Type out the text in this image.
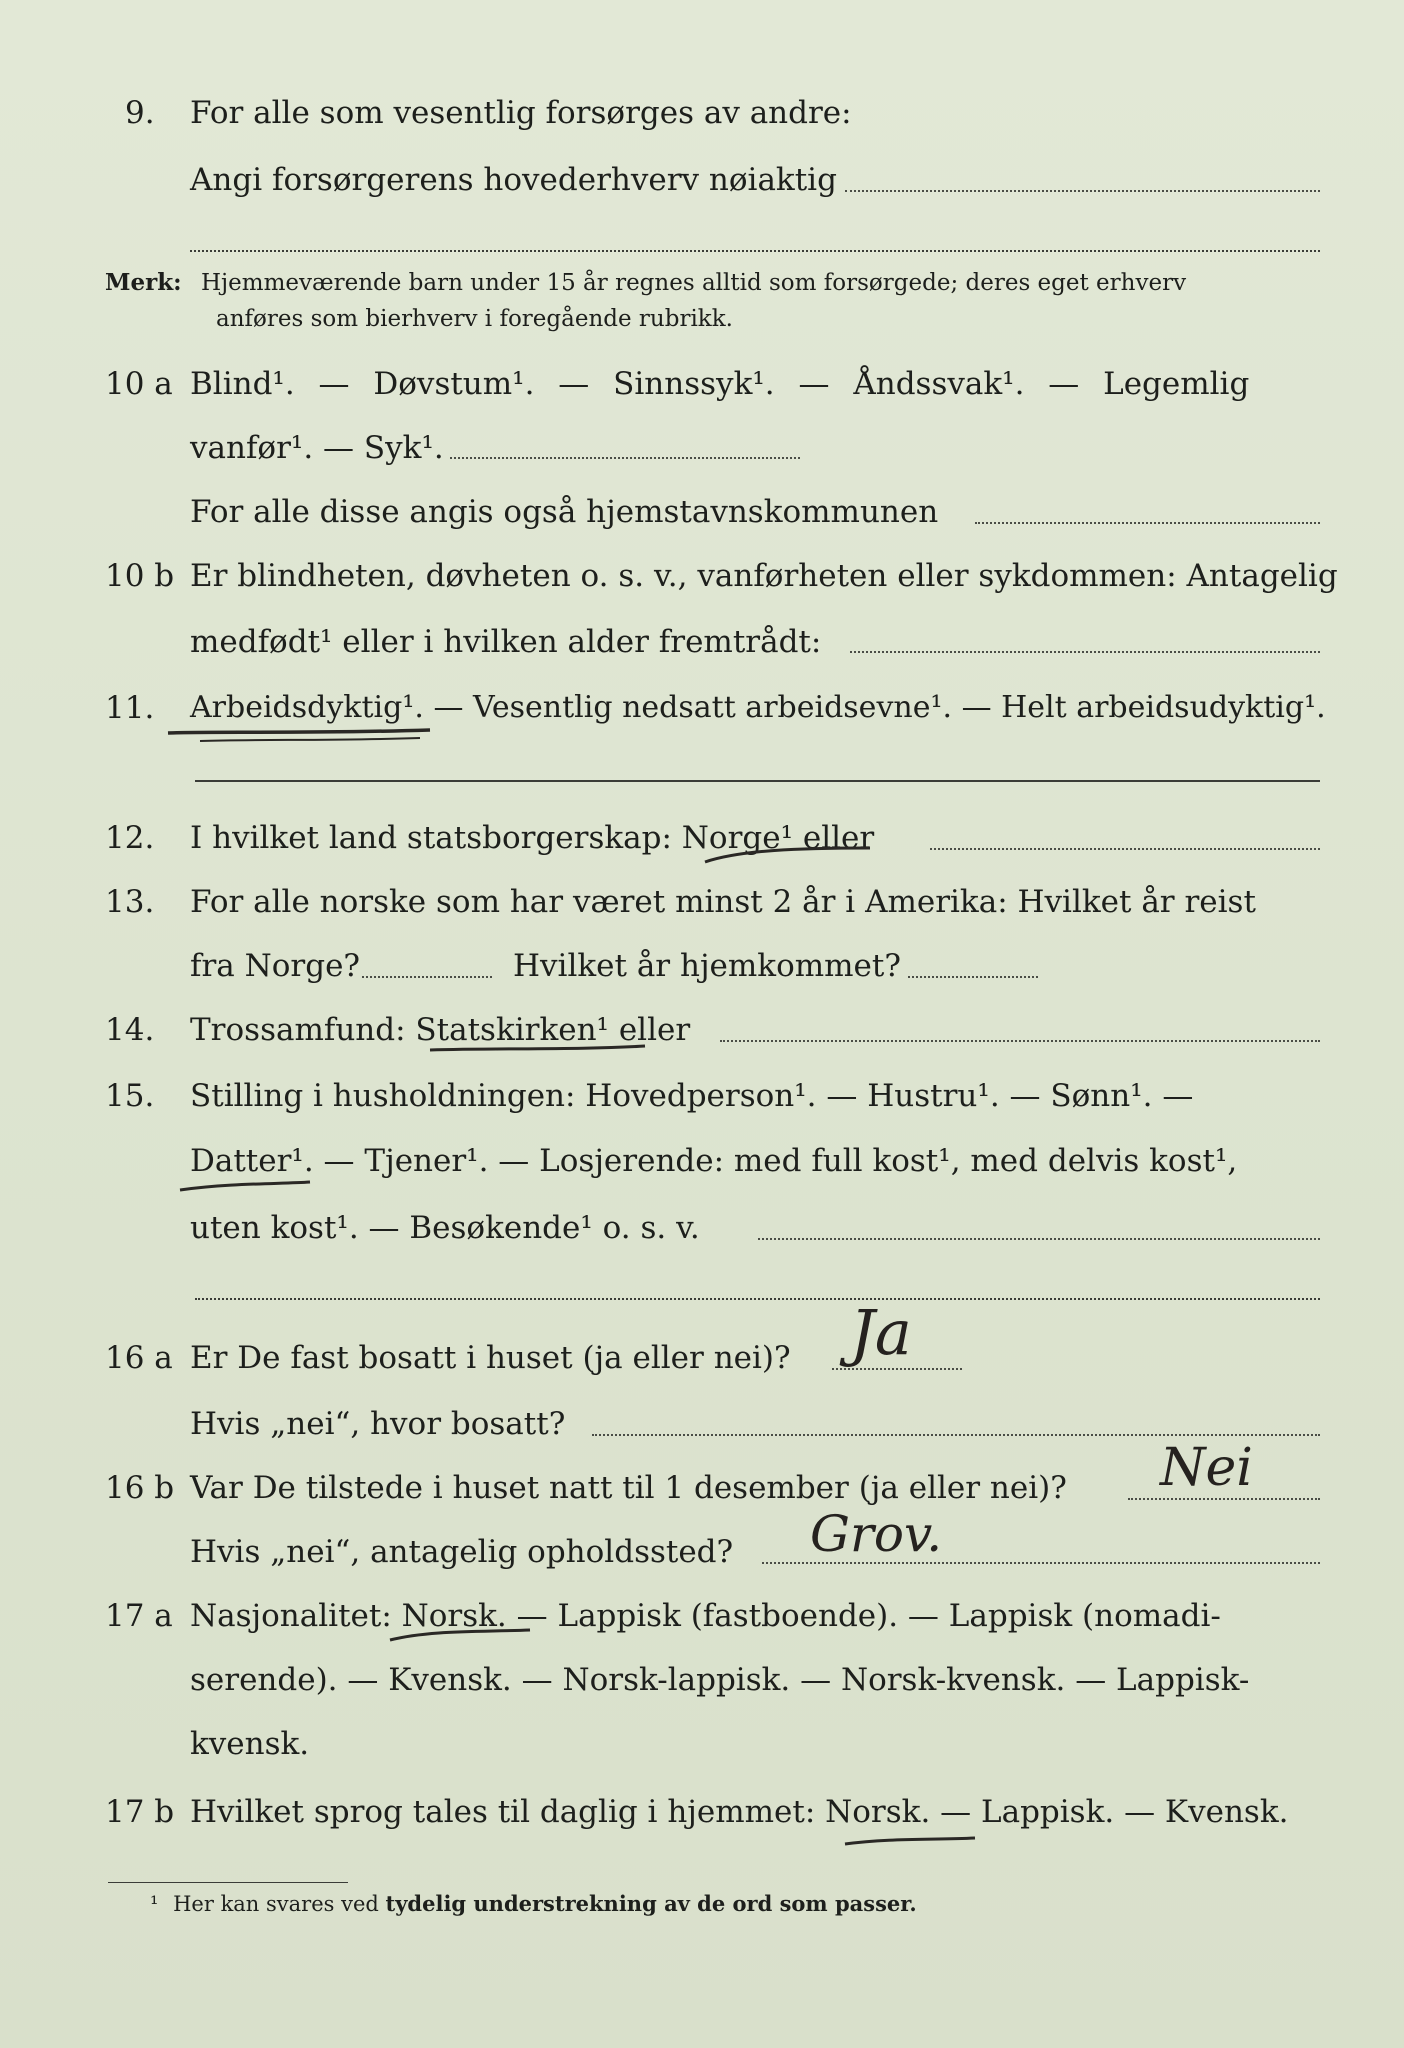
9. For alle som vesentlig forsørges av andre:
Angi forsørgerens hovederhverv nøiaktig
Merk: Hjemmeværende barn under 15 år regnes alltid som forsørgede; deres eget erhverv
anføres som bierhverv i foregående rubrikk.
10 a Blind¹. — Døvstum¹. — Sinnssyk¹. — Åndssvak¹. — Legemlig
vanfør¹. — Syk¹.
For alle disse angis også hjemstavnskommunen
10 b Er blindheten, døvheten o. s. v., vanførheten eller sykdommen: Antagelig
medfødt¹ eller i hvilken alder fremtrådt:
11. Arbeidsdyktig¹. — Vesentlig nedsatt arbeidsevne¹. — Helt arbeidsudyktig¹.
12. I hvilket land statsborgerskap: Norge¹ eller
13. For alle norske som har været minst 2 år i Amerika: Hvilket år reist
fra Norge?	Hvilket år hjemkommet?
14. Trossamfund: Statskirken¹ eller
15. Stilling i husholdningen: Hovedperson¹. — Hustru¹. — Sønn¹. —
Datter¹. — Tjener¹. — Losjerende: med full kost¹, med delvis kost¹,
uten kost¹. — Besøkende¹ o. s. v.
16 a Er De fast bosatt i huset (ja eller nei)? Ja
Hvis „nei“, hvor bosatt?
16 b Var De tilstede i huset natt til 1 desember (ja eller nei)? Nei
Hvis „nei“, antagelig opholdssted? Grov.
17 a Nasjonalitet: Norsk. — Lappisk (fastboende). — Lappisk (nomadi-
serende). — Kvensk. — Norsk-lappisk. — Norsk-kvensk. — Lappisk-
kvensk.
17 b Hvilket sprog tales til daglig i hjemmet: Norsk. — Lappisk. — Kvensk.
¹ Her kan svares ved tydelig understrekning av de ord som passer.
